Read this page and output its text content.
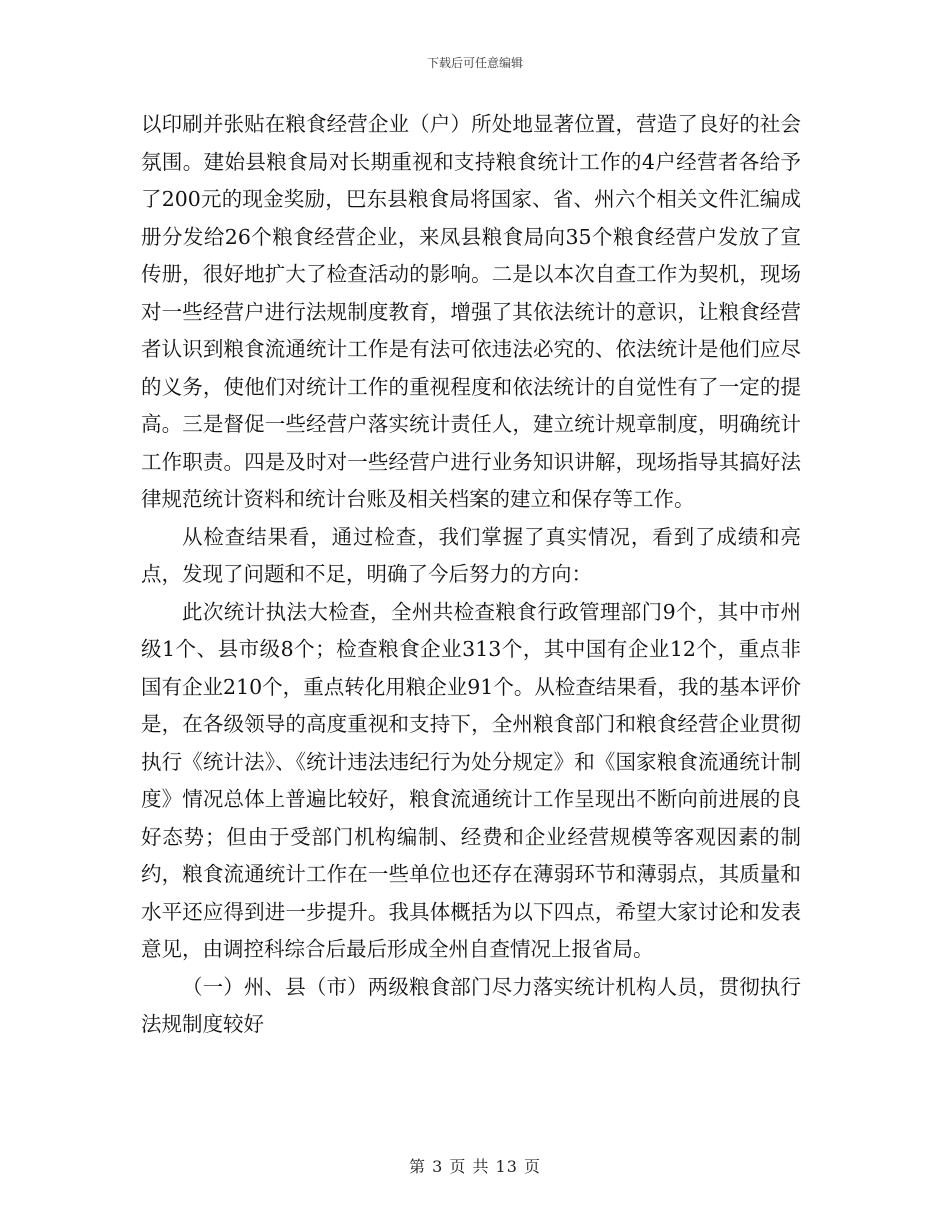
下载后可任意编辑

以印刷并张贴在粮食经营企业（户）所处地显著位置，营造了良好的社会氛围。建始县粮食局对长期重视和支持粮食统计工作的4户经营者各给予了200元的现金奖励，巴东县粮食局将国家、省、州六个相关文件汇编成册分发给26个粮食经营企业，来凤县粮食局向35个粮食经营户发放了宣传册，很好地扩大了检查活动的影响。二是以本次自查工作为契机，现场对一些经营户进行法规制度教育，增强了其依法统计的意识，让粮食经营者认识到粮食流通统计工作是有法可依违法必究的、依法统计是他们应尽的义务，使他们对统计工作的重视程度和依法统计的自觉性有了一定的提高。三是督促一些经营户落实统计责任人，建立统计规章制度，明确统计工作职责。四是及时对一些经营户进行业务知识讲解，现场指导其搞好法律规范统计资料和统计台账及相关档案的建立和保存等工作。

从检查结果看，通过检查，我们掌握了真实情况，看到了成绩和亮点，发现了问题和不足，明确了今后努力的方向：

此次统计执法大检查，全州共检查粮食行政管理部门9个，其中市州级1个、县市级8个；检查粮食企业313个，其中国有企业12个，重点非国有企业210个，重点转化用粮企业91个。从检查结果看，我的基本评价是，在各级领导的高度重视和支持下，全州粮食部门和粮食经营企业贯彻执行《统计法》、《统计违法违纪行为处分规定》和《国家粮食流通统计制度》情况总体上普遍比较好，粮食流通统计工作呈现出不断向前进展的良好态势；但由于受部门机构编制、经费和企业经营规模等客观因素的制约，粮食流通统计工作在一些单位也还存在薄弱环节和薄弱点，其质量和水平还应得到进一步提升。我具体概括为以下四点，希望大家讨论和发表意见，由调控科综合后最后形成全州自查情况上报省局。

（一）州、县（市）两级粮食部门尽力落实统计机构人员，贯彻执行法规制度较好

第 3 页 共 13 页
